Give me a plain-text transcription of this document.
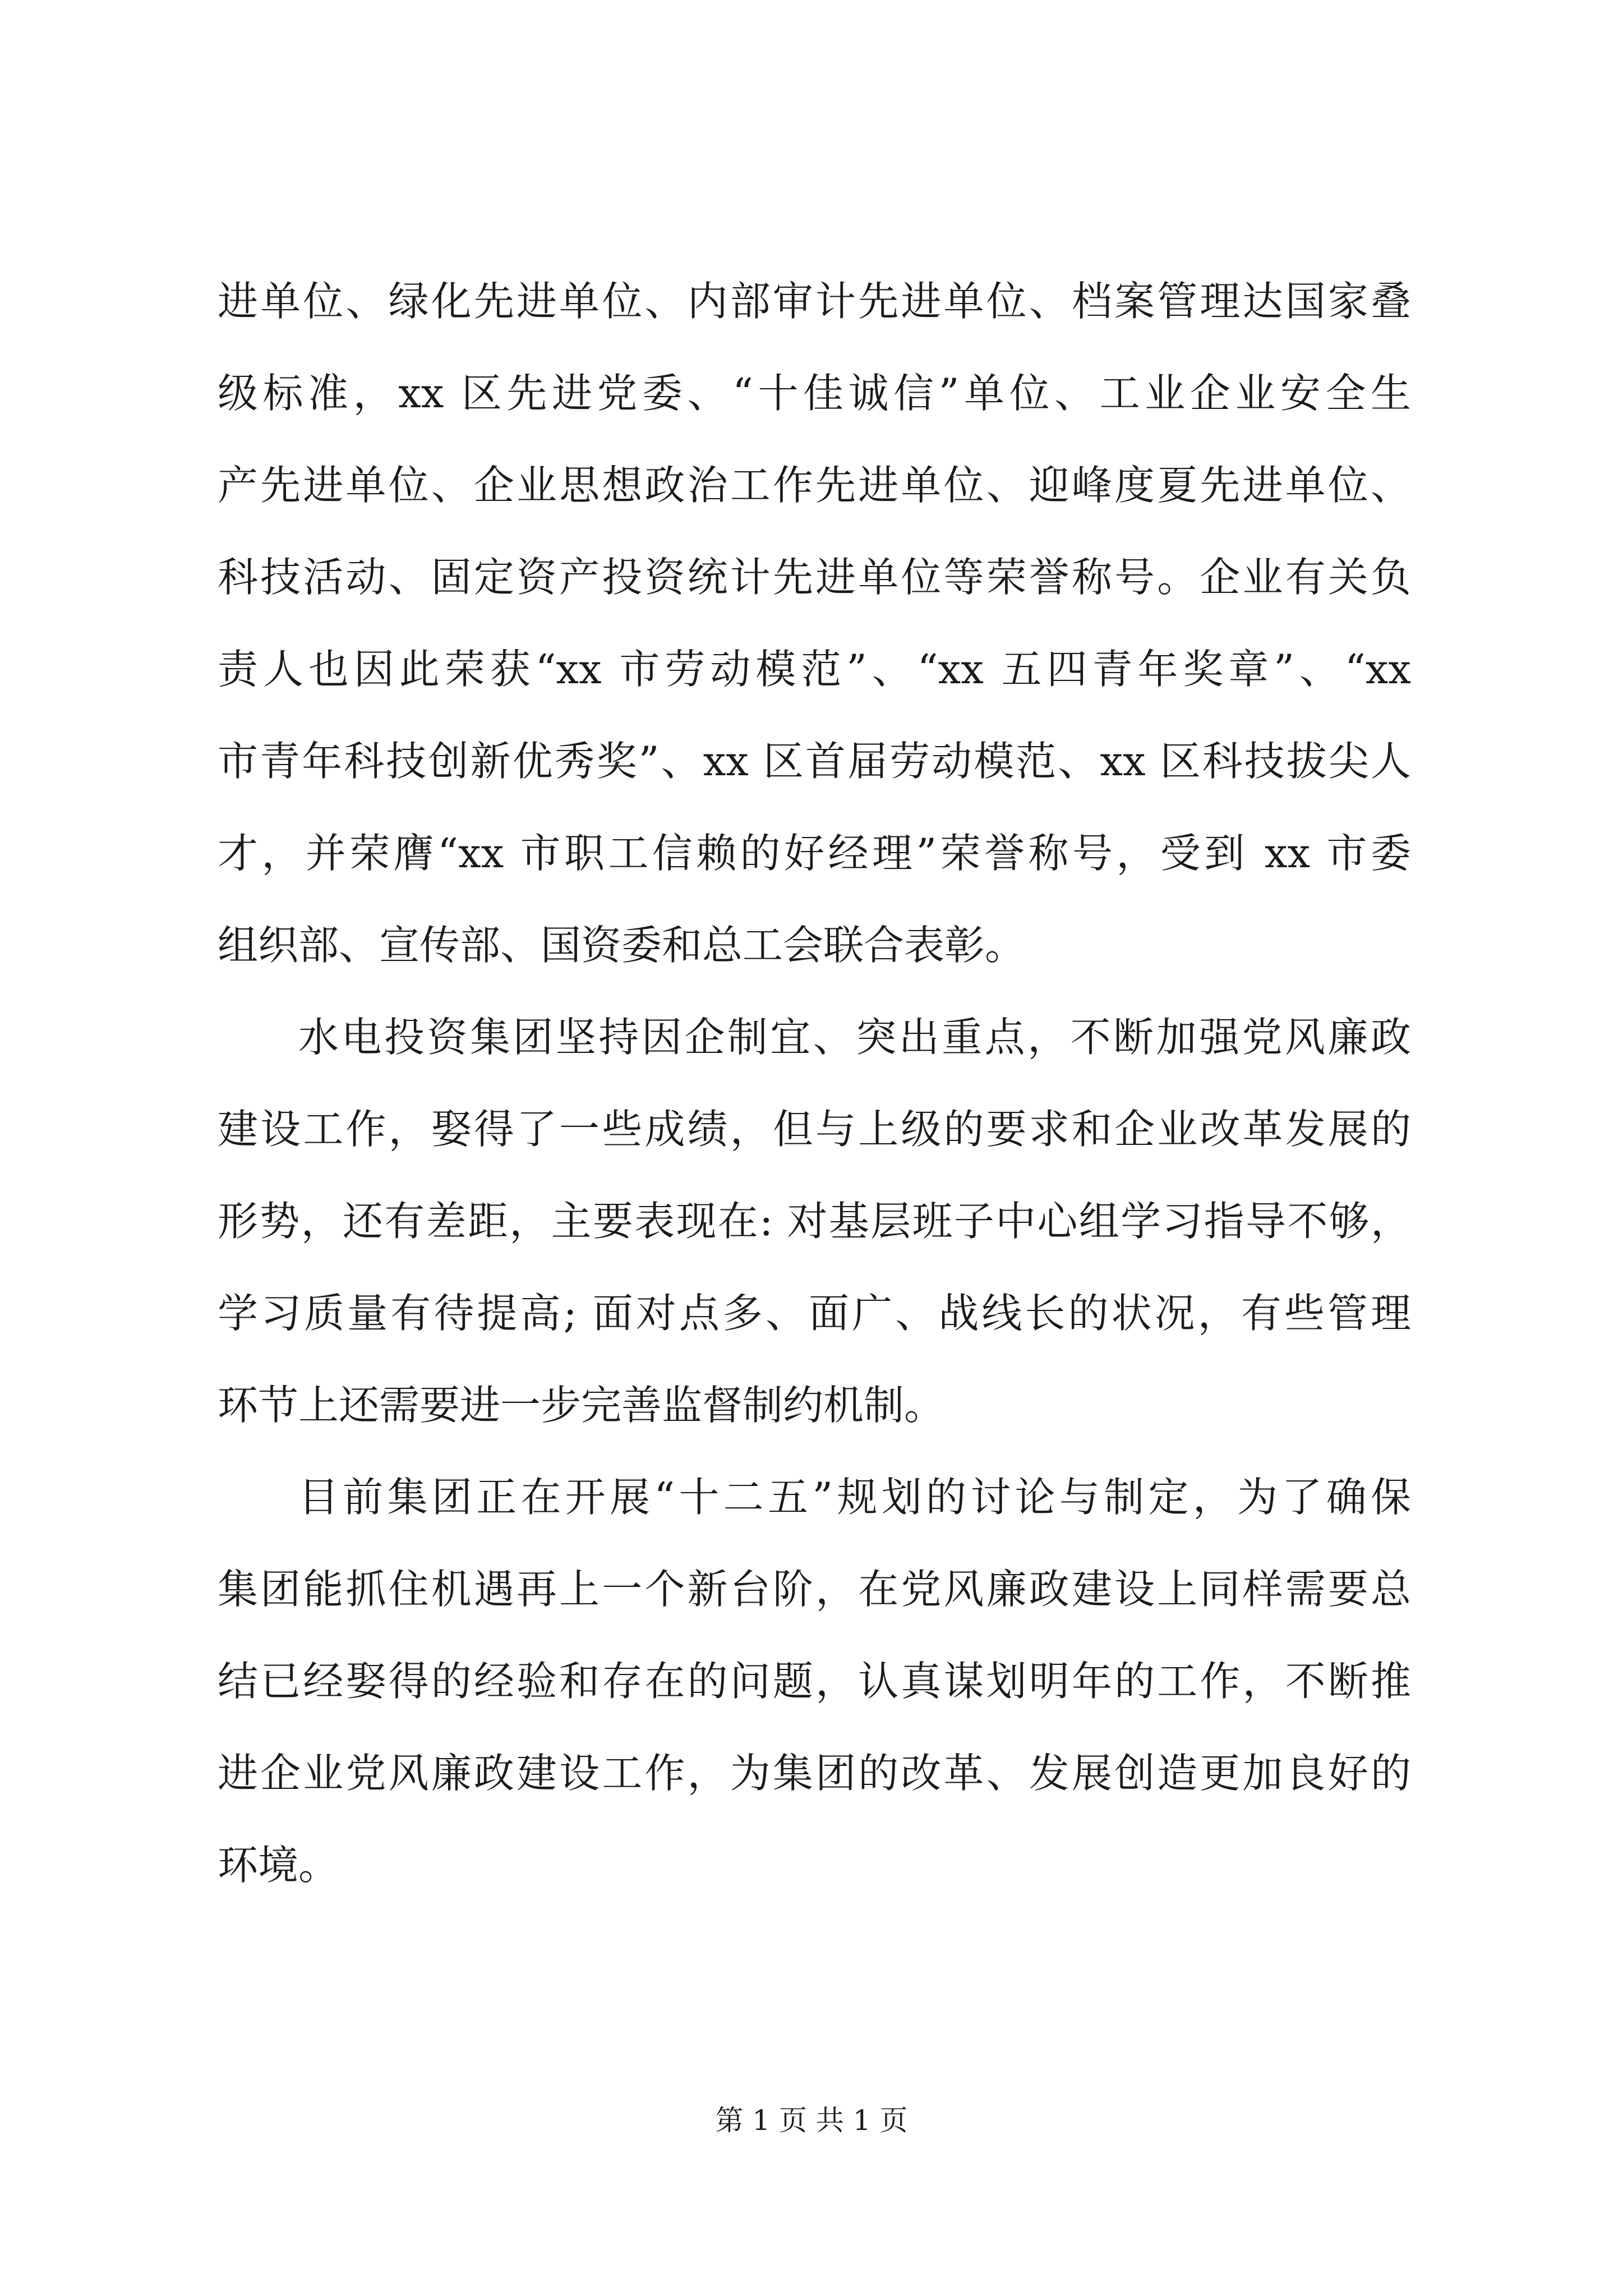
进单位、绿化先进单位、内部审计先进单位、档案管理达国家叠
级标准，xx 区先进党委、“十佳诚信”单位、工业企业安全生
产先进单位、企业思想政治工作先进单位、迎峰度夏先进单位、
科技活动、固定资产投资统计先进单位等荣誉称号。企业有关负
责人也因此荣获“xx 市劳动模范”、“xx 五四青年奖章”、“xx
市青年科技创新优秀奖”、xx 区首届劳动模范、xx 区科技拔尖人
才，并荣膺“xx 市职工信赖的好经理”荣誉称号，受到 xx 市委
组织部、宣传部、国资委和总工会联合表彰。
水电投资集团坚持因企制宜、突出重点，不断加强党风廉政
建设工作，娶得了一些成绩，但与上级的要求和企业改革发展的
形势，还有差距，主要表现在: 对基层班子中心组学习指导不够，
学习质量有待提高; 面对点多、面广、战线长的状况，有些管理
环节上还需要进一步完善监督制约机制。
目前集团正在开展“十二五”规划的讨论与制定，为了确保
集团能抓住机遇再上一个新台阶，在党风廉政建设上同样需要总
结已经娶得的经验和存在的问题，认真谋划明年的工作，不断推
进企业党风廉政建设工作，为集团的改革、发展创造更加良好的
环境。
第 1 页 共 1 页
